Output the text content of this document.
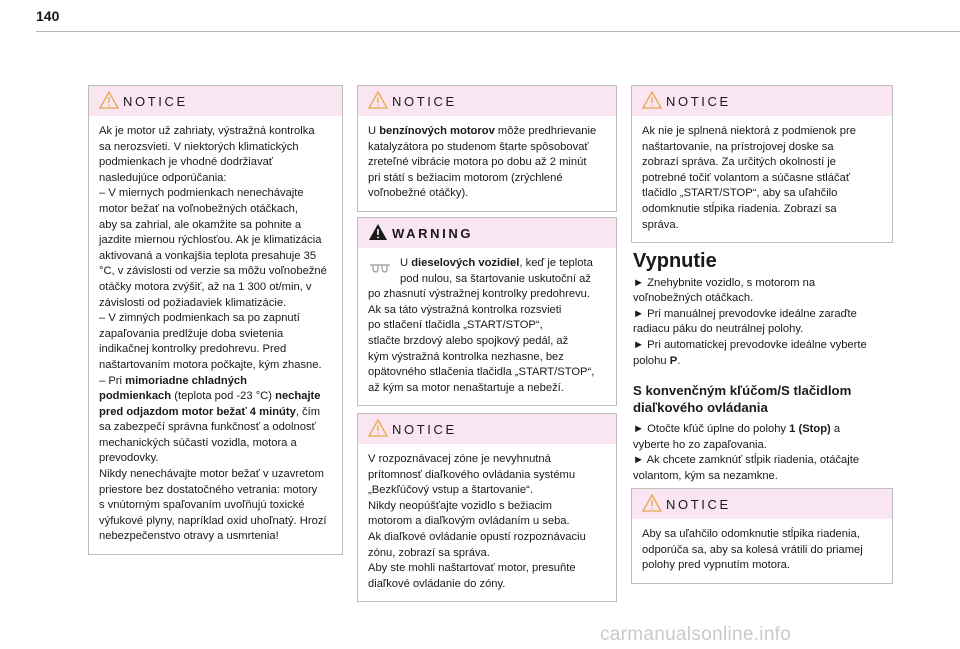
140
NOTICE

Ak je motor už zahriaty, výstražná kontrolka

sa nerozsvieti. V niektorých klimatických

podmienkach je vhodné dodržiavať

nasledujúce odporúčania:

– V miernych podmienkach nenechávajte

motor bežať na voľnobežných otáčkach,

aby sa zahrial, ale okamžite sa pohnite a

jazdite miernou rýchlosťou. Ak je klimatizácia

aktivovaná a vonkajšia teplota presahuje 35

°C, v závislosti od verzie sa môžu voľnobežné

otáčky motora zvýšiť, až na 1 300 ot/min, v

závislosti od požiadaviek klimatizácie.

– V zimných podmienkach sa po zapnutí

zapaľovania predlžuje doba svietenia

indikačnej kontrolky predohrevu. Pred

naštartovaním motora počkajte, kým zhasne.

– Pri mimoriadne chladných

podmienkach (teplota pod -23 °C) nechajte

pred odjazdom motor bežať 4 minúty, čím

sa zabezpečí správna funkčnosť a odolnosť

mechanických súčastí vozidla, motora a

prevodovky.

Nikdy nenechávajte motor bežať v uzavretom

priestore bez dostatočného vetrania: motory

s vnútorným spaľovaním uvoľňujú toxické

výfukové plyny, napríklad oxid uhoľnatý. Hrozí

nebezpečenstvo otravy a usmrtenia!

NOTICE

U benzínových motorov môže predhrievanie

katalyzátora po studenom štarte spôsobovať

zreteľné vibrácie motora po dobu až 2 minút

pri státí s bežiacim motorom (zrýchlené

voľnobežné otáčky).

WARNING

U dieselových vozidiel, keď je teplota

pod nulou, sa štartovanie uskutoční až

po zhasnutí výstražnej kontrolky predohrevu.

Ak sa táto výstražná kontrolka rozsvieti

po stlačení tlačidla „START/STOP“,

stlačte brzdový alebo spojkový pedál, až

kým výstražná kontrolka nezhasne, bez

opätovného stlačenia tlačidla „START/STOP“,

až kým sa motor nenaštartuje a nebeží.

NOTICE

V rozpoznávacej zóne je nevyhnutná

prítomnosť diaľkového ovládania systému

„Bezkľúčový vstup a štartovanie“.

Nikdy neopúšťajte vozidlo s bežiacim

motorom a diaľkovým ovládaním u seba.

Ak diaľkové ovládanie opustí rozpoznávaciu

zónu, zobrazí sa správa.

Aby ste mohli naštartovať motor, presuňte

diaľkové ovládanie do zóny.

NOTICE

Ak nie je splnená niektorá z podmienok pre

naštartovanie, na prístrojovej doske sa

zobrazí správa. Za určitých okolností je

potrebné točiť volantom a súčasne stláčať

tlačidlo „START/STOP“, aby sa uľahčilo

odomknutie stĺpika riadenia. Zobrazí sa

správa.

Vypnutie

► Znehybnite vozidlo, s motorom na

voľnobežných otáčkach.

► Pri manuálnej prevodovke ideálne zaraďte

radiacu páku do neutrálnej polohy.

► Pri automatickej prevodovke ideálne vyberte

polohu P.

S konvenčným kľúčom/S tlačidlom
diaľkového ovládania

► Otočte kľúč úplne do polohy 1 (Stop) a

vyberte ho zo zapaľovania.

► Ak chcete zamknúť stĺpik riadenia, otáčajte

volantom, kým sa nezamkne.

NOTICE

Aby sa uľahčilo odomknutie stĺpika riadenia,

odporúča sa, aby sa kolesá vrátili do priamej

polohy pred vypnutím motora.

carmanualsonline.info
